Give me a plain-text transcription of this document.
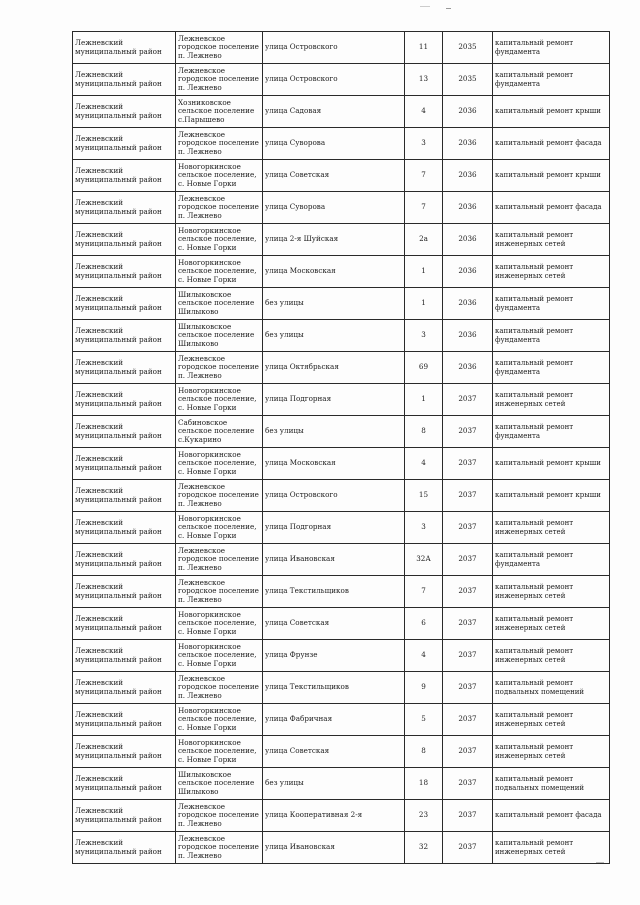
Лежневский муниципальный район	Лежневское городское поселение п. Лежнево	улица Островского	11	2035	капитальный ремонт фундамента
Лежневский муниципальный район	Лежневское городское поселение п. Лежнево	улица Островского	13	2035	капитальный ремонт фундамента
Лежневский муниципальный район	Хозниковское сельское поселение с.Парышево	улица Садовая	4	2036	капитальный ремонт крыши
Лежневский муниципальный район	Лежневское городское поселение п. Лежнево	улица Суворова	3	2036	капитальный ремонт фасада
Лежневский муниципальный район	Новогоркинское сельское поселение, с. Новые Горки	улица Советская	7	2036	капитальный ремонт крыши
Лежневский муниципальный район	Лежневское городское поселение п. Лежнево	улица Суворова	7	2036	капитальный ремонт фасада
Лежневский муниципальный район	Новогоркинское сельское поселение, с. Новые Горки	улица 2-я Шуйская	2а	2036	капитальный ремонт инженерных сетей
Лежневский муниципальный район	Новогоркинское сельское поселение, с. Новые Горки	улица Московская	1	2036	капитальный ремонт инженерных сетей
Лежневский муниципальный район	Шилыковское сельское поселение Шилыково	без улицы	1	2036	капитальный ремонт фундамента
Лежневский муниципальный район	Шилыковское сельское поселение Шилыково	без улицы	3	2036	капитальный ремонт фундамента
Лежневский муниципальный район	Лежневское городское поселение п. Лежнево	улица Октябрьская	69	2036	капитальный ремонт фундамента
Лежневский муниципальный район	Новогоркинское сельское поселение, с. Новые Горки	улица Подгорная	1	2037	капитальный ремонт инженерных сетей
Лежневский муниципальный район	Сабиновское сельское поселение с.Кукарино	без улицы	8	2037	капитальный ремонт фундамента
Лежневский муниципальный район	Новогоркинское сельское поселение, с. Новые Горки	улица Московская	4	2037	капитальный ремонт крыши
Лежневский муниципальный район	Лежневское городское поселение п. Лежнево	улица Островского	15	2037	капитальный ремонт крыши
Лежневский муниципальный район	Новогоркинское сельское поселение, с. Новые Горки	улица Подгорная	3	2037	капитальный ремонт инженерных сетей
Лежневский муниципальный район	Лежневское городское поселение п. Лежнево	улица Ивановская	32А	2037	капитальный ремонт фундамента
Лежневский муниципальный район	Лежневское городское поселение п. Лежнево	улица Текстильщиков	7	2037	капитальный ремонт инженерных сетей
Лежневский муниципальный район	Новогоркинское сельское поселение, с. Новые Горки	улица Советская	6	2037	капитальный ремонт инженерных сетей
Лежневский муниципальный район	Новогоркинское сельское поселение, с. Новые Горки	улица Фрунзе	4	2037	капитальный ремонт инженерных сетей
Лежневский муниципальный район	Лежневское городское поселение п. Лежнево	улица Текстильщиков	9	2037	капитальный ремонт подвальных помещений
Лежневский муниципальный район	Новогоркинское сельское поселение, с. Новые Горки	улица Фабричная	5	2037	капитальный ремонт инженерных сетей
Лежневский муниципальный район	Новогоркинское сельское поселение, с. Новые Горки	улица Советская	8	2037	капитальный ремонт инженерных сетей
Лежневский муниципальный район	Шилыковское сельское поселение Шилыково	без улицы	18	2037	капитальный ремонт подвальных помещений
Лежневский муниципальный район	Лежневское городское поселение п. Лежнево	улица Кооперативная 2-я	23	2037	капитальный ремонт фасада
Лежневский муниципальный район	Лежневское городское поселение п. Лежнево	улица Ивановская	32	2037	капитальный ремонт инженерных сетей
